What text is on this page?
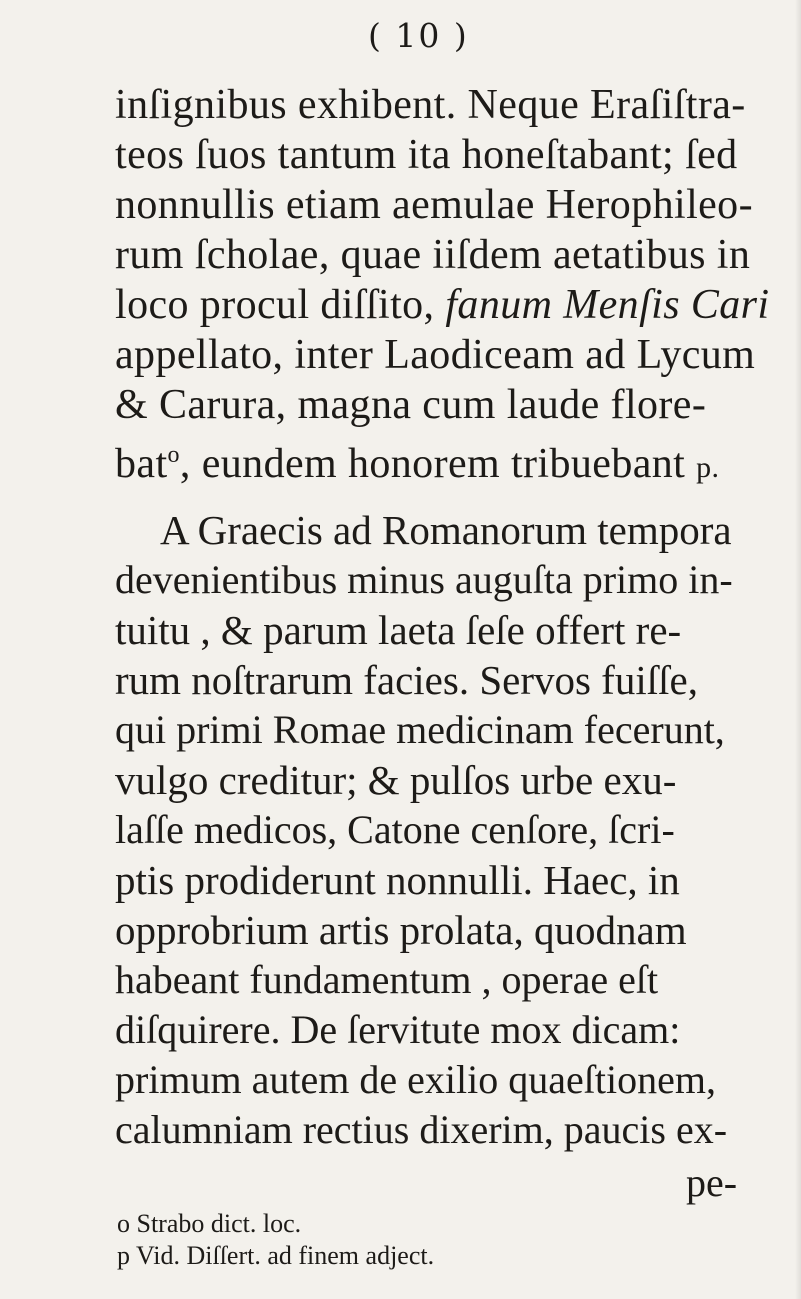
( 10 )
inſignibus exhibent. Neque Eraſiſtra-
teos ſuos tantum ita honeſtabant; ſed
nonnullis etiam aemulae Herophileo-
rum ſcholae, quae iiſdem aetatibus in
loco procul diſſito, fanum Menſis Cari
appellato, inter Laodiceam ad Lycum
& Carura, magna cum laude flore-
bat$^o$, eundem honorem tribuebant p.
A Graecis ad Romanorum tempora
devenientibus minus auguſta primo in-
tuitu , & parum laeta ſeſe offert re-
rum noſtrarum facies. Servos fuiſſe,
qui primi Romae medicinam fecerunt,
vulgo creditur; & pulſos urbe exu-
laſſe medicos, Catone cenſore, ſcri-
ptis prodiderunt nonnulli. Haec, in
opprobrium artis prolata, quodnam
habeant fundamentum , operae eſt
diſquirere. De ſervitute mox dicam:
primum autem de exilio quaeſtionem,
calumniam rectius dixerim, paucis ex-
pe-
o Strabo dict. loc.
p Vid. Diſſert. ad finem adject.
